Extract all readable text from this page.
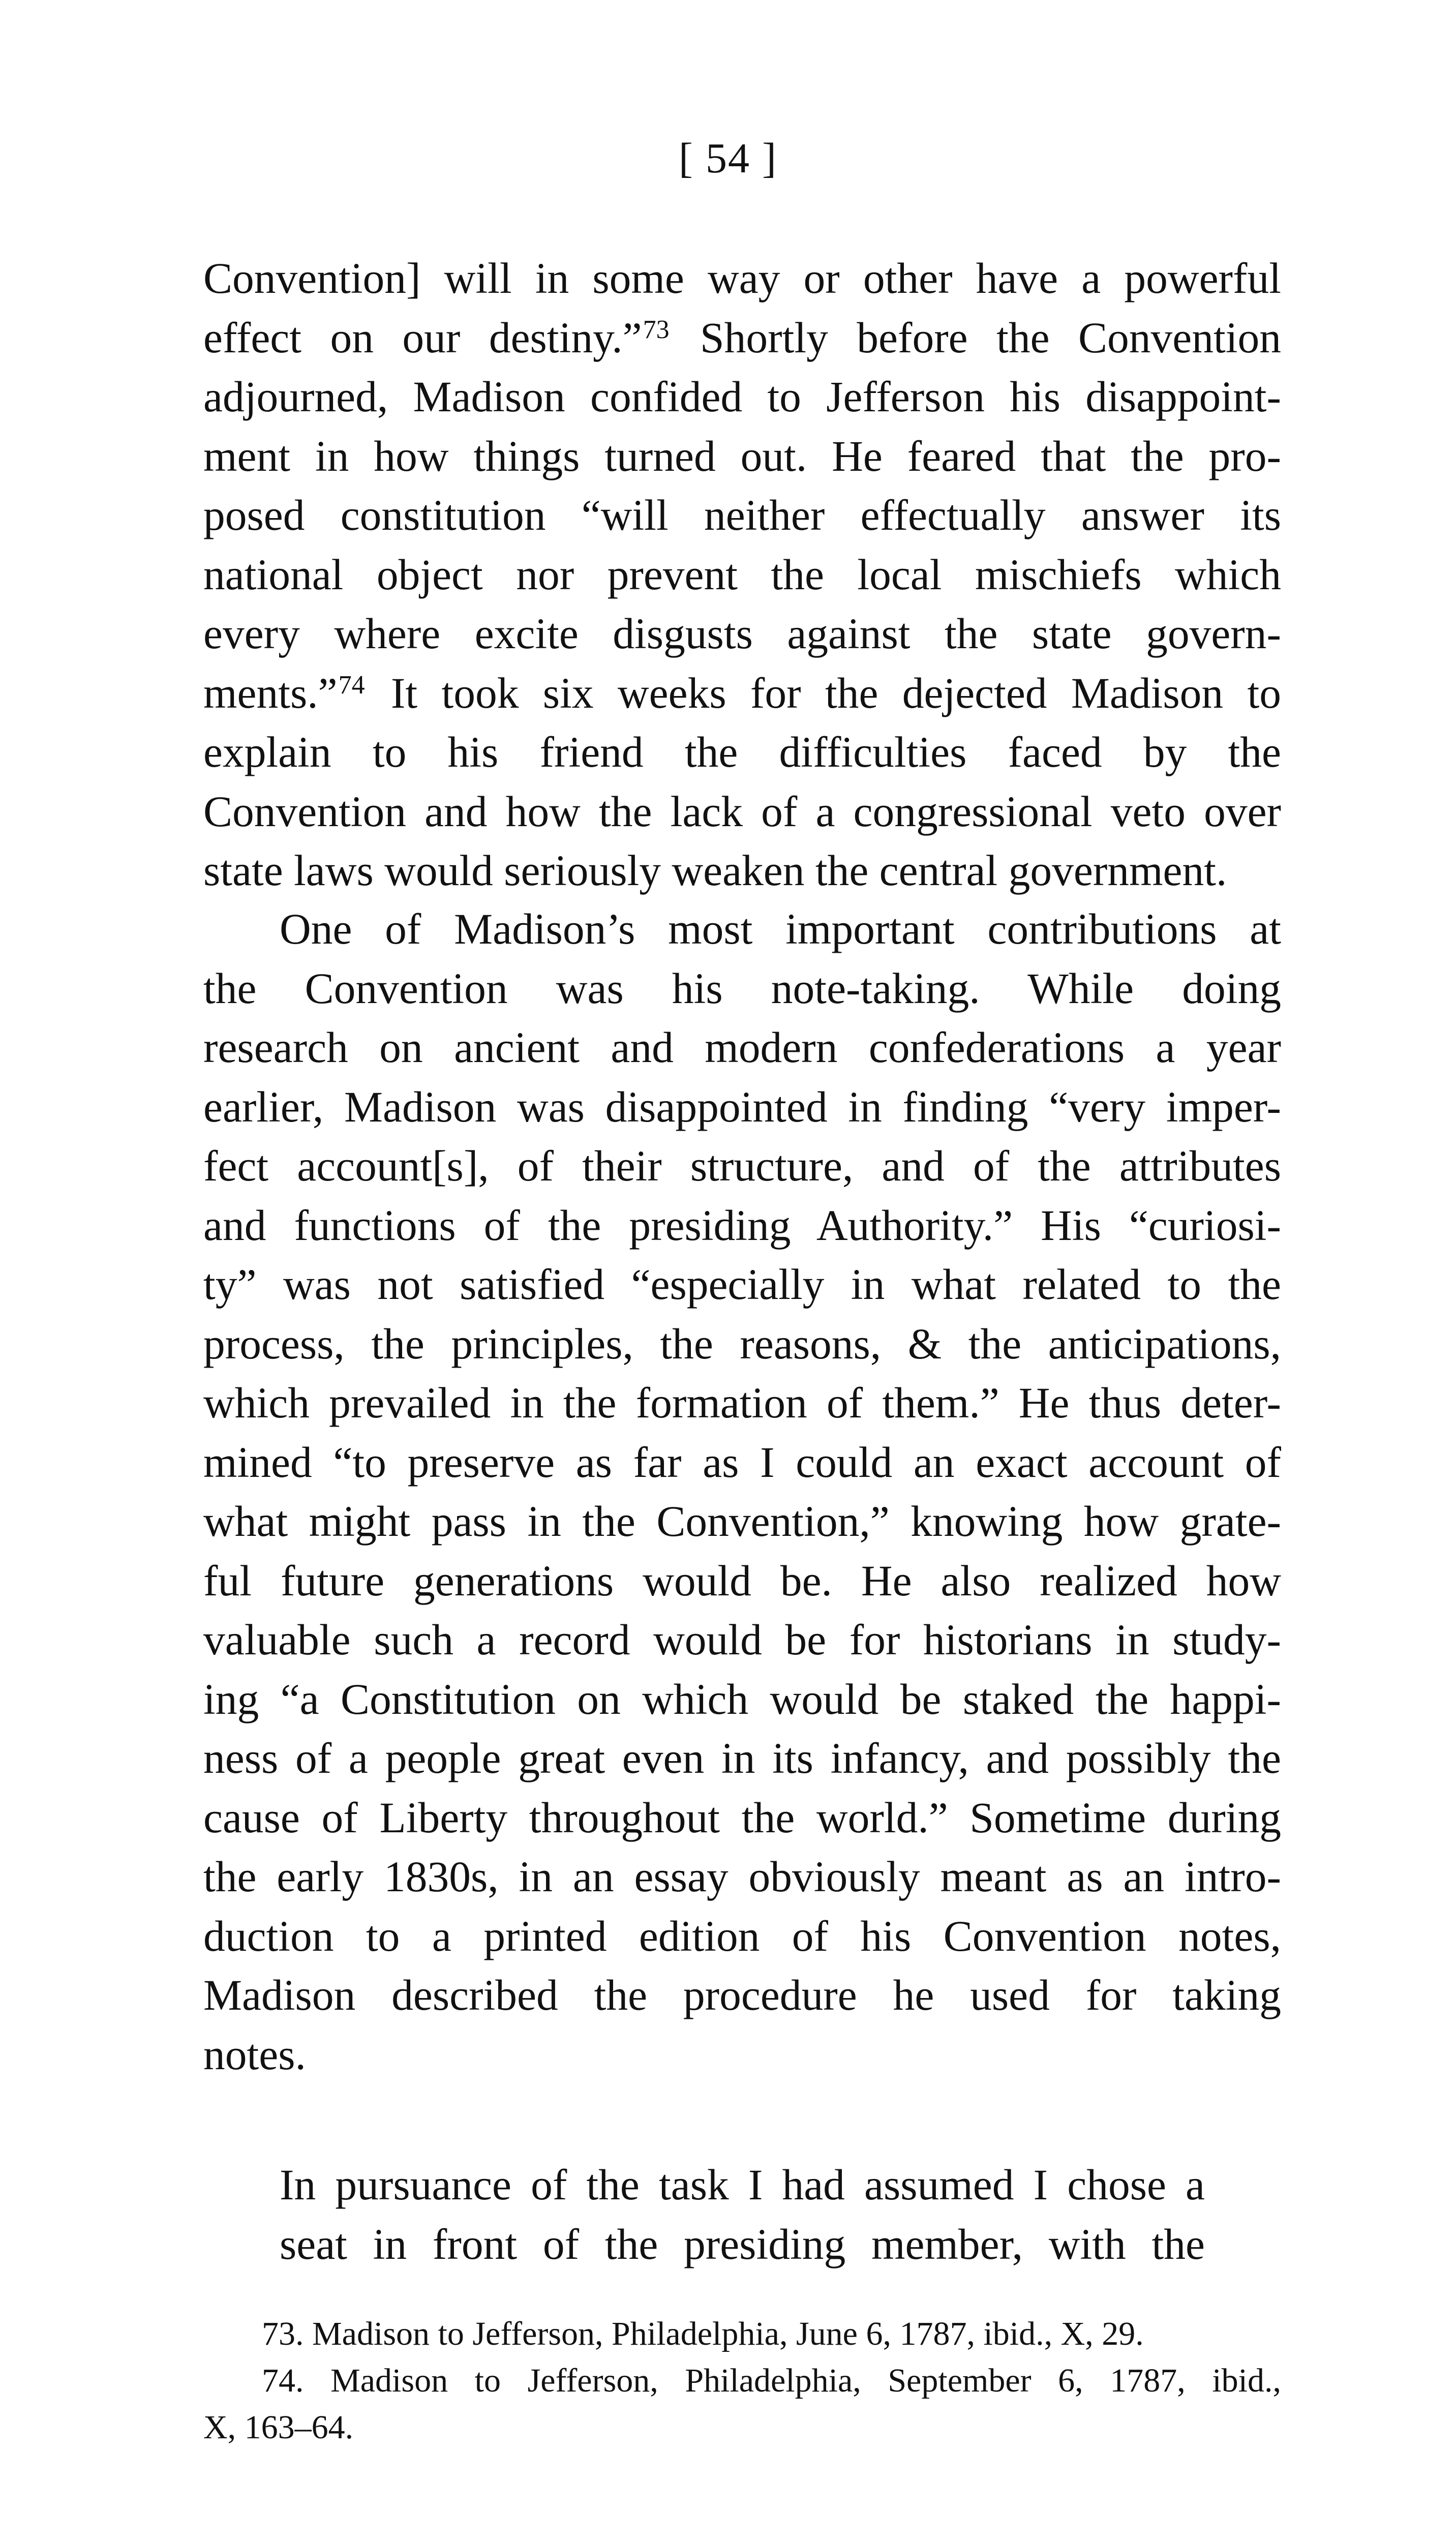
[ 54 ]
Convention] will in some way or other have a powerful
effect on our destiny.”$^{73}$ Shortly before the Convention
adjourned, Madison confided to Jefferson his disappoint-
ment in how things turned out. He feared that the pro-
posed constitution “will neither effectually answer its
national object nor prevent the local mischiefs which
every where excite disgusts against the state govern-
ments.”$^{74}$ It took six weeks for the dejected Madison to
explain to his friend the difficulties faced by the
Convention and how the lack of a congressional veto over
state laws would seriously weaken the central government.
One of Madison’s most important contributions at
the Convention was his note-taking. While doing
research on ancient and modern confederations a year
earlier, Madison was disappointed in finding “very imper-
fect account[s], of their structure, and of the attributes
and functions of the presiding Authority.” His “curiosi-
ty” was not satisfied “especially in what related to the
process, the principles, the reasons, & the anticipations,
which prevailed in the formation of them.” He thus deter-
mined “to preserve as far as I could an exact account of
what might pass in the Convention,” knowing how grate-
ful future generations would be. He also realized how
valuable such a record would be for historians in study-
ing “a Constitution on which would be staked the happi-
ness of a people great even in its infancy, and possibly the
cause of Liberty throughout the world.” Sometime during
the early 1830s, in an essay obviously meant as an intro-
duction to a printed edition of his Convention notes,
Madison described the procedure he used for taking
notes.
In pursuance of the task I had assumed I chose a
seat in front of the presiding member, with the
73. Madison to Jefferson, Philadelphia, June 6, 1787, ibid., X, 29.
74. Madison to Jefferson, Philadelphia, September 6, 1787, ibid.,
X, 163–64.
